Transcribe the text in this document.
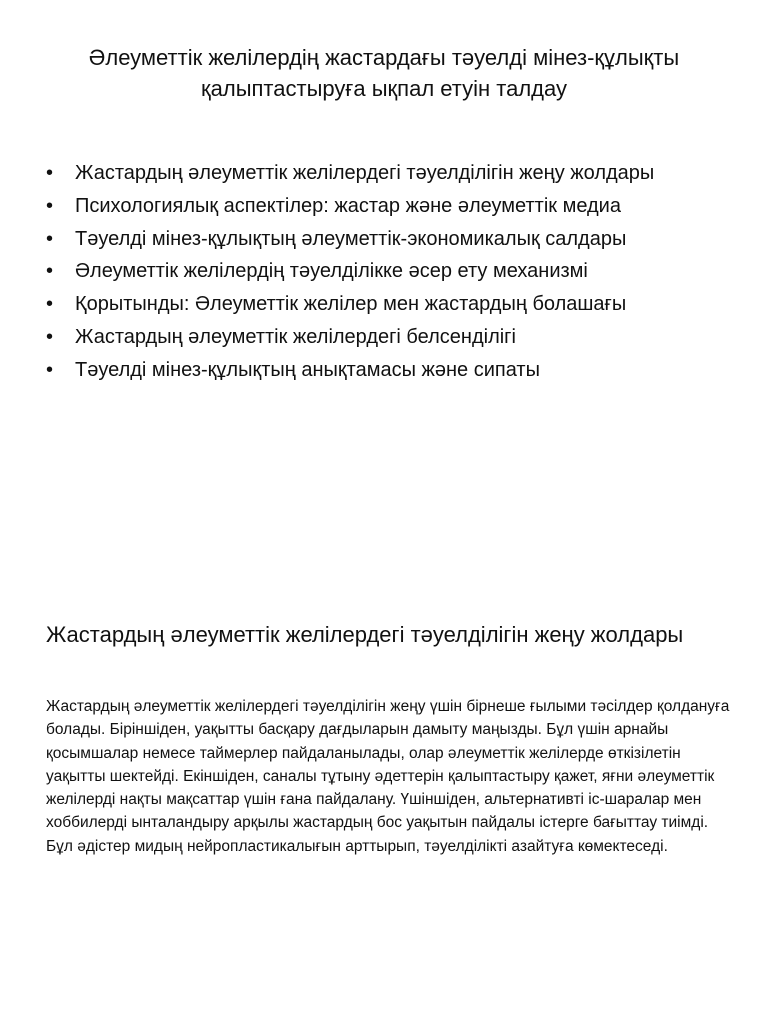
Әлеуметтік желілердің жастардағы тәуелді мінез-құлықты қалыптастыруға ықпал етуін талдау
• Жастардың әлеуметтік желілердегі тәуелділігін жеңу жолдары
• Психологиялық аспектілер: жастар және әлеуметтік медиа
• Тәуелді мінез-құлықтың әлеуметтік-экономикалық салдары
• Әлеуметтік желілердің тәуелділікке әсер ету механизмі
• Қорытынды: Әлеуметтік желілер мен жастардың болашағы
• Жастардың әлеуметтік желілердегі белсенділігі
• Тәуелді мінез-құлықтың анықтамасы және сипаты
Жастардың әлеуметтік желілердегі тәуелділігін жеңу жолдары

Жастардың әлеуметтік желілердегі тәуелділігін жеңу үшін бірнеше ғылыми тәсілдер қолдануға болады. Біріншіден, уақытты басқару дағдыларын дамыту маңызды. Бұл үшін арнайы қосымшалар немесе таймерлер пайдаланылады, олар әлеуметтік желілерде өткізілетін уақытты шектейді. Екіншіден, саналы тұтыну әдеттерін қалыптастыру қажет, яғни әлеуметтік желілерді нақты мақсаттар үшін ғана пайдалану. Үшіншіден, альтернативті іс-шаралар мен хоббилерді ынталандыру арқылы жастардың бос уақытын пайдалы істерге бағыттау тиімді. Бұл әдістер мидың нейропластикалығын арттырып, тәуелділікті азайтуға көмектеседі.
